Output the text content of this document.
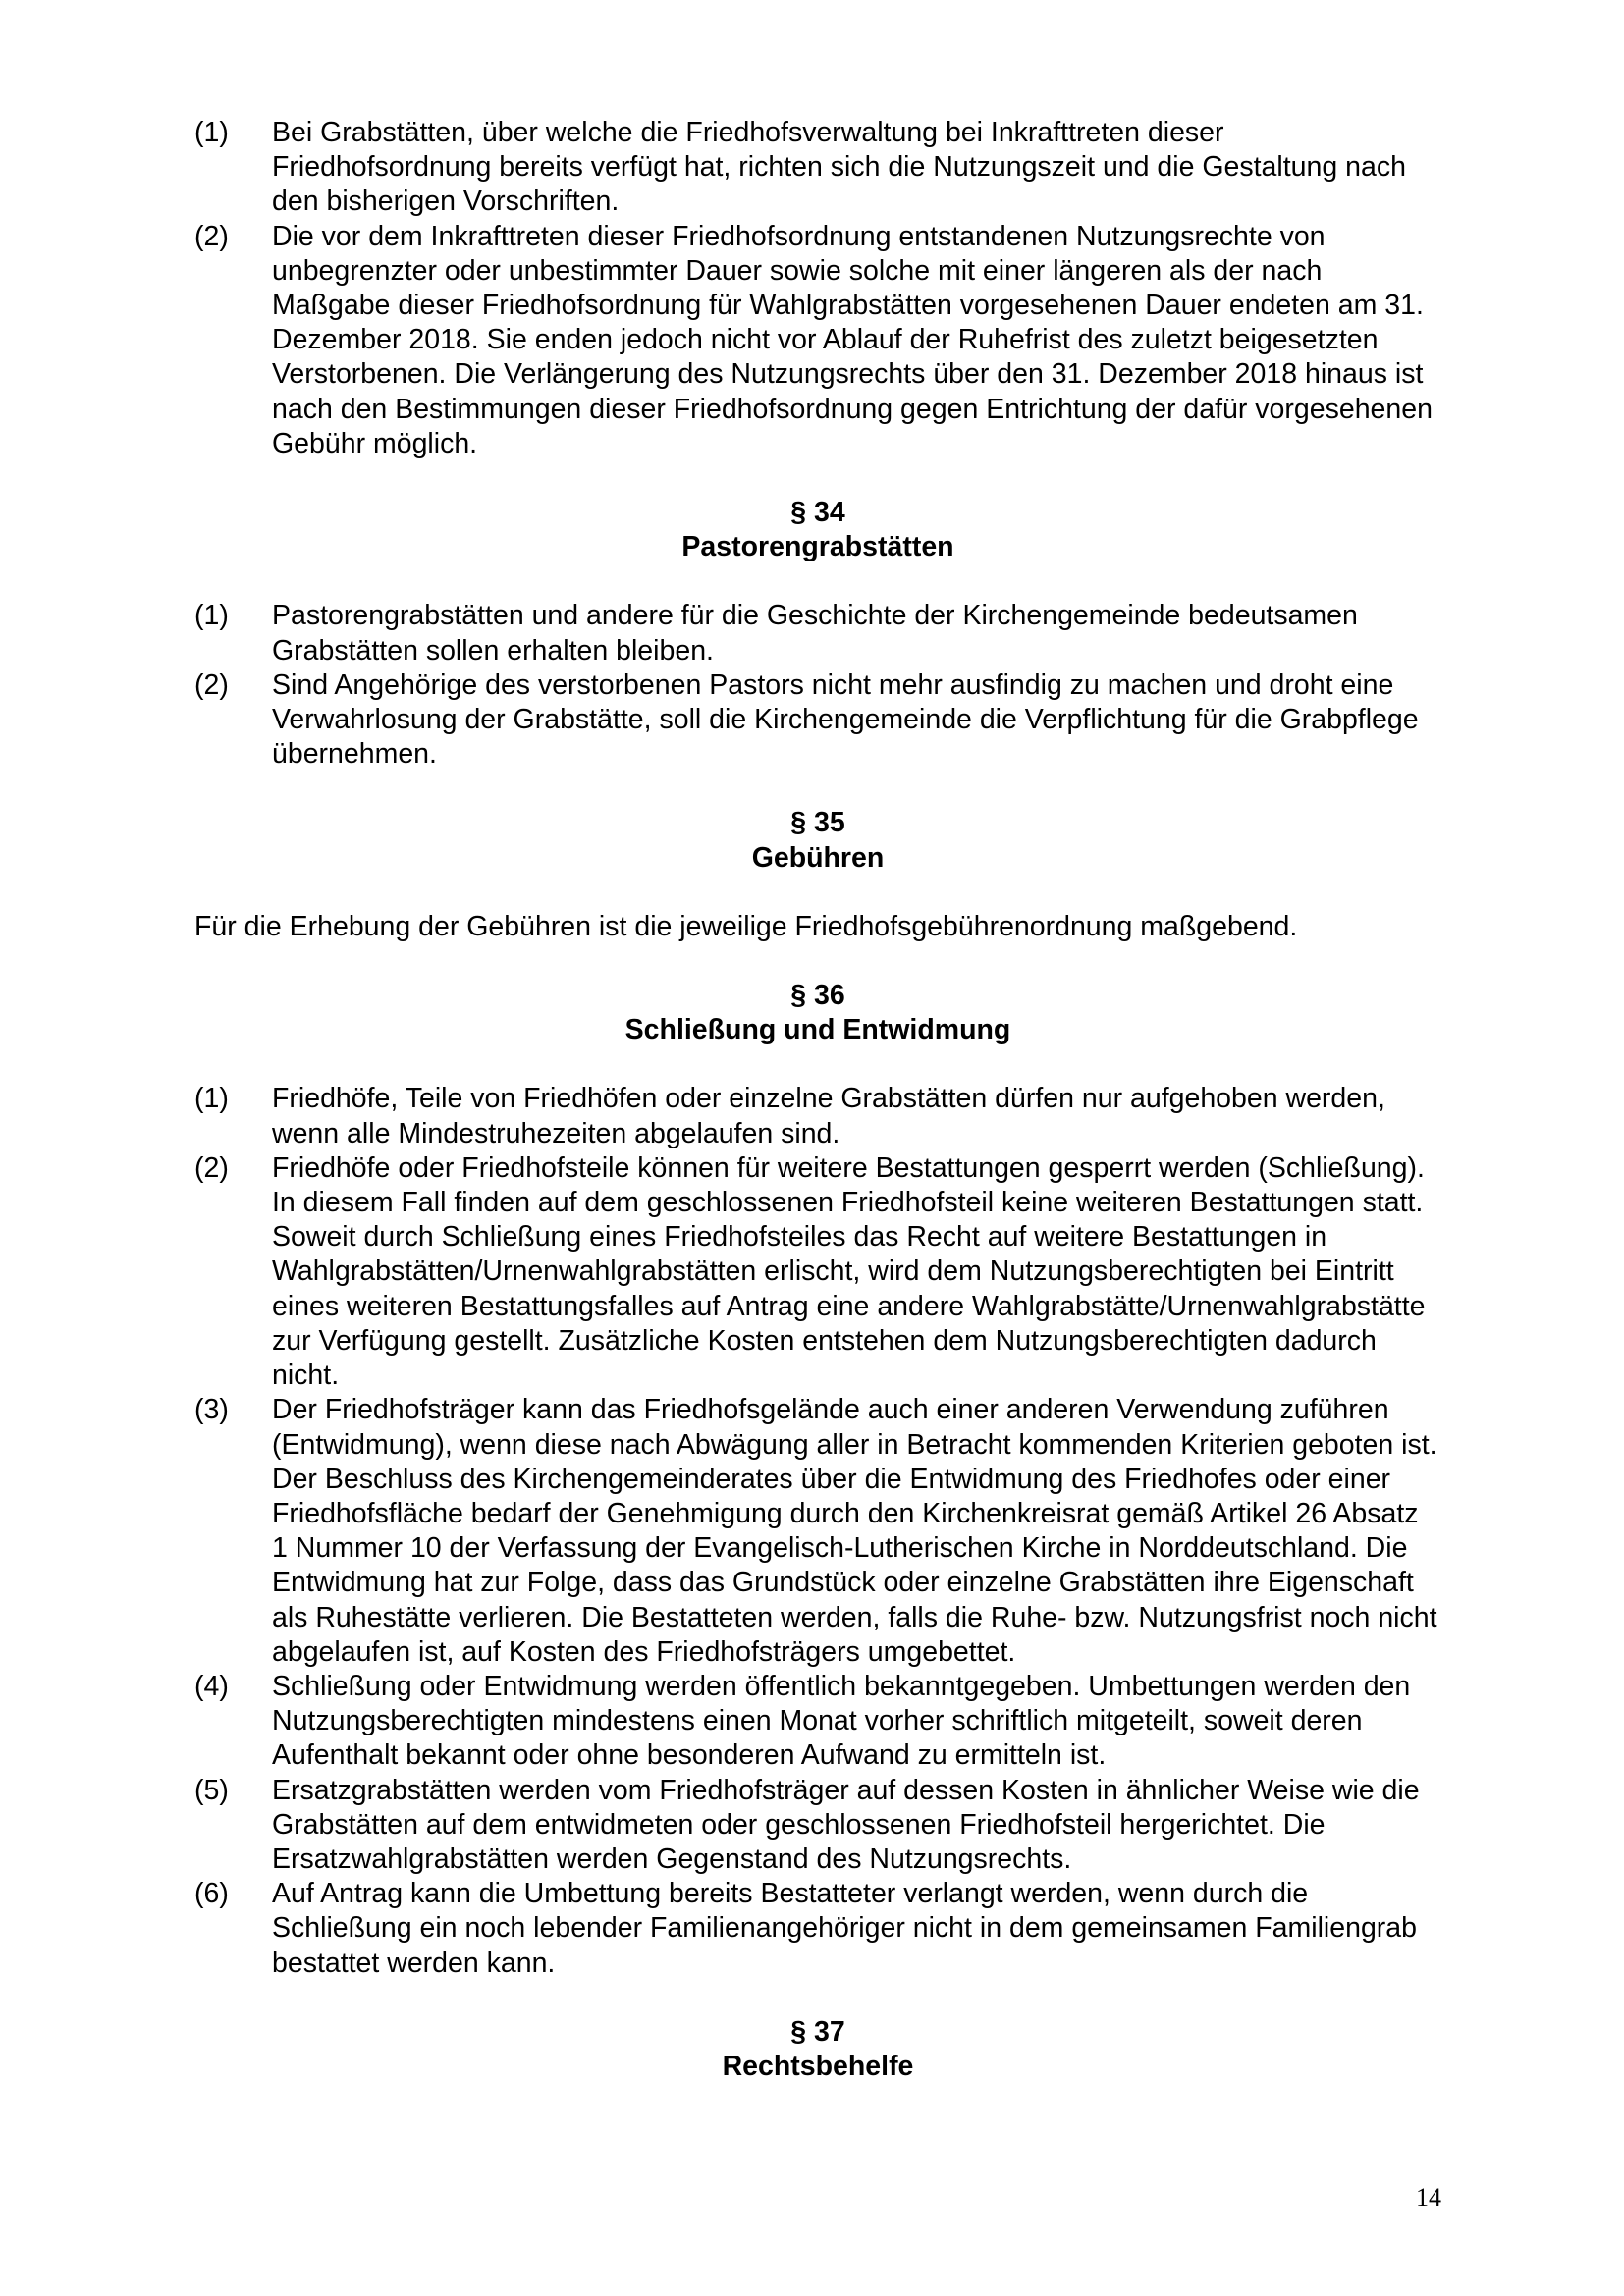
(1)	Bei Grabstätten, über welche die Friedhofsverwaltung bei Inkrafttreten dieser Friedhofsordnung bereits verfügt hat, richten sich die Nutzungszeit und die Gestaltung nach den bisherigen Vorschriften.
(2)	Die vor dem Inkrafttreten dieser Friedhofsordnung entstandenen Nutzungsrechte von unbegrenzter oder unbestimmter Dauer sowie solche mit einer längeren als der nach Maßgabe dieser Friedhofsordnung für Wahlgrabstätten vorgesehenen Dauer endeten am 31. Dezember 2018. Sie enden jedoch nicht vor Ablauf der Ruhefrist des zuletzt beigesetzten Verstorbenen. Die Verlängerung des Nutzungsrechts über den 31. Dezember 2018 hinaus ist nach den Bestimmungen dieser Friedhofsordnung gegen Entrichtung der dafür vorgesehenen Gebühr möglich.
§ 34
Pastorengrabstätten
(1)	Pastorengrabstätten und andere für die Geschichte der Kirchengemeinde bedeutsamen Grabstätten sollen erhalten bleiben.
(2)	Sind Angehörige des verstorbenen Pastors nicht mehr ausfindig zu machen und droht eine Verwahrlosung der Grabstätte, soll die Kirchengemeinde die Verpflichtung für die Grabpflege übernehmen.
§ 35
Gebühren

Für die Erhebung der Gebühren ist die jeweilige Friedhofsgebührenordnung maßgebend.

§ 36
Schließung und Entwidmung
(1)	Friedhöfe, Teile von Friedhöfen oder einzelne Grabstätten dürfen nur aufgehoben werden, wenn alle Mindestruhezeiten abgelaufen sind.
(2)	Friedhöfe oder Friedhofsteile können für weitere Bestattungen gesperrt werden (Schließung). In diesem Fall finden auf dem geschlossenen Friedhofsteil keine weiteren Bestattungen statt. Soweit durch Schließung eines Friedhofsteiles das Recht auf weitere Bestattungen in Wahlgrabstätten/Urnenwahlgrabstätten erlischt, wird dem Nutzungsberechtigten bei Eintritt eines weiteren Bestattungsfalles auf Antrag eine andere Wahlgrabstätte/Urnenwahlgrabstätte zur Verfügung gestellt. Zusätzliche Kosten entstehen dem Nutzungsberechtigten dadurch nicht.
(3)	Der Friedhofsträger kann das Friedhofsgelände auch einer anderen Verwendung zuführen (Entwidmung), wenn diese nach Abwägung aller in Betracht kommenden Kriterien geboten ist. Der Beschluss des Kirchengemeinderates über die Entwidmung des Friedhofes oder einer Friedhofsfläche bedarf der Genehmigung durch den Kirchenkreisrat gemäß Artikel 26 Absatz 1 Nummer 10 der Verfassung der Evangelisch-Lutherischen Kirche in Norddeutschland. Die Entwidmung hat zur Folge, dass das Grundstück oder einzelne Grabstätten ihre Eigenschaft als Ruhestätte verlieren. Die Bestatteten werden, falls die Ruhe- bzw. Nutzungsfrist noch nicht abgelaufen ist, auf Kosten des Friedhofsträgers umgebettet.
(4)	Schließung oder Entwidmung werden öffentlich bekanntgegeben. Umbettungen werden den Nutzungsberechtigten mindestens einen Monat vorher schriftlich mitgeteilt, soweit deren Aufenthalt bekannt oder ohne besonderen Aufwand zu ermitteln ist.
(5)	Ersatzgrabstätten werden vom Friedhofsträger auf dessen Kosten in ähnlicher Weise wie die Grabstätten auf dem entwidmeten oder geschlossenen Friedhofsteil hergerichtet. Die Ersatzwahlgrabstätten werden Gegenstand des Nutzungsrechts.
(6)	Auf Antrag kann die Umbettung bereits Bestatteter verlangt werden, wenn durch die Schließung ein noch lebender Familienangehöriger nicht in dem gemeinsamen Familiengrab bestattet werden kann.
§ 37
Rechtsbehelfe
14
